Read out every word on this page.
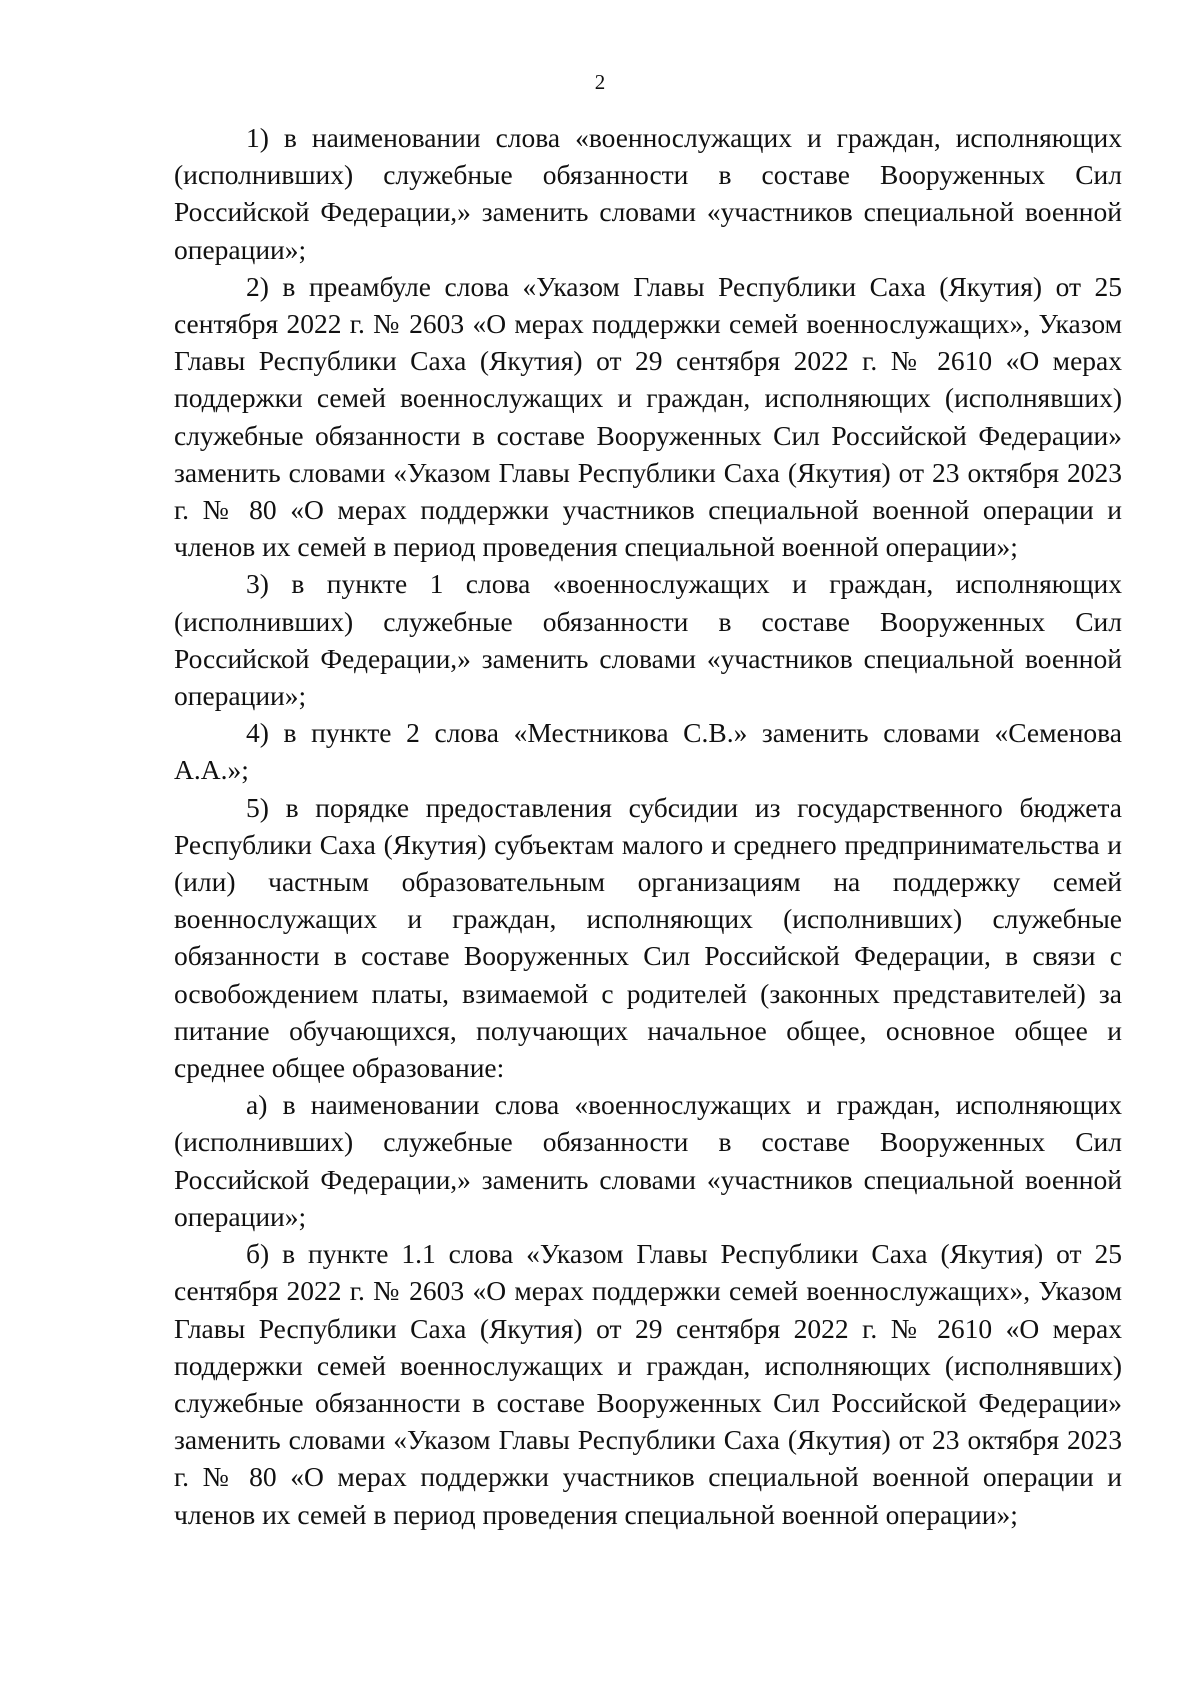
2

1) в наименовании слова «военнослужащих и граждан, исполняющих (исполнивших) служебные обязанности в составе Вооруженных Сил Российской Федерации,» заменить словами «участников специальной военной операции»;

2) в преамбуле слова «Указом Главы Республики Саха (Якутия) от 25 сентября 2022 г. № 2603 «О мерах поддержки семей военнослужащих», Указом Главы Республики Саха (Якутия) от 29 сентября 2022 г. № 2610 «О мерах поддержки семей военнослужащих и граждан, исполняющих (исполнявших) служебные обязанности в составе Вооруженных Сил Российской Федерации» заменить словами «Указом Главы Республики Саха (Якутия) от 23 октября 2023 г. № 80 «О мерах поддержки участников специальной военной операции и членов их семей в период проведения специальной военной операции»;

3) в пункте 1 слова «военнослужащих и граждан, исполняющих (исполнивших) служебные обязанности в составе Вооруженных Сил Российской Федерации,» заменить словами «участников специальной военной операции»;

4) в пункте 2 слова «Местникова С.В.» заменить словами «Семенова А.А.»;

5) в порядке предоставления субсидии из государственного бюджета Республики Саха (Якутия) субъектам малого и среднего предпринимательства и (или) частным образовательным организациям на поддержку семей военнослужащих и граждан, исполняющих (исполнивших) служебные обязанности в составе Вооруженных Сил Российской Федерации, в связи с освобождением платы, взимаемой с родителей (законных представителей) за питание обучающихся, получающих начальное общее, основное общее и среднее общее образование:

а) в наименовании слова «военнослужащих и граждан, исполняющих (исполнивших) служебные обязанности в составе Вооруженных Сил Российской Федерации,» заменить словами «участников специальной военной операции»;

б) в пункте 1.1 слова «Указом Главы Республики Саха (Якутия) от 25 сентября 2022 г. № 2603 «О мерах поддержки семей военнослужащих», Указом Главы Республики Саха (Якутия) от 29 сентября 2022 г. № 2610 «О мерах поддержки семей военнослужащих и граждан, исполняющих (исполнявших) служебные обязанности в составе Вооруженных Сил Российской Федерации» заменить словами «Указом Главы Республики Саха (Якутия) от 23 октября 2023 г. № 80 «О мерах поддержки участников специальной военной операции и членов их семей в период проведения специальной военной операции»;
